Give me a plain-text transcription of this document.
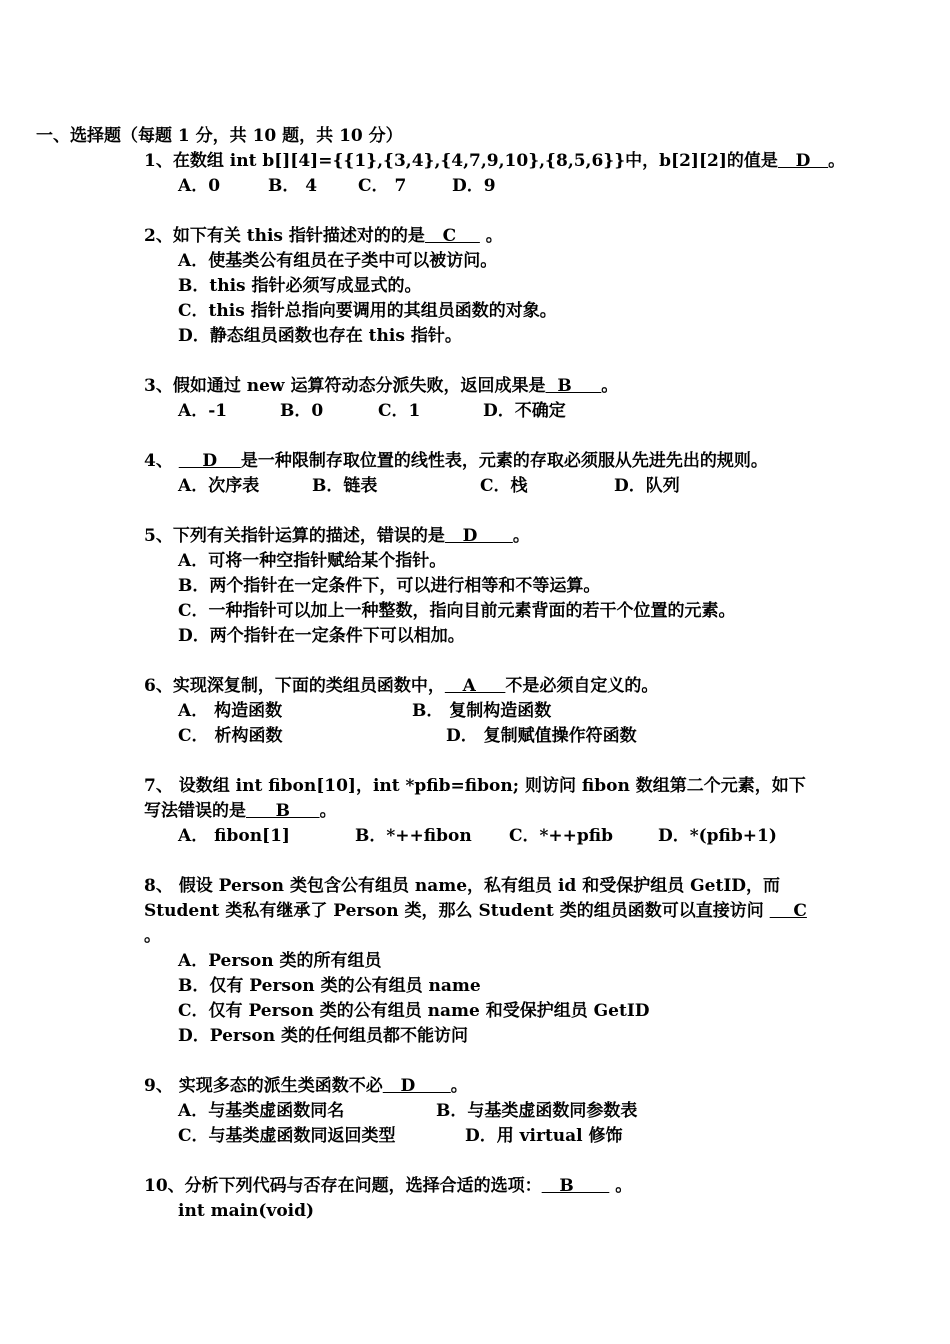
一、选择题（每题 1 分，共 10 题，共 10 分）
1、在数组 int b[][4]={{1},{3,4},{4,7,9,10},{8,5,6}}中，b[2][2]的值是   D   。
A．0	B． 4 C． 7	D．9
2、如下有关 this 指针描述对的的是   C     。
A．使基类公有组员在子类中可以被访问。
B．this 指针必须写成显式的。
C．this 指针总指向要调用的其组员函数的对象。
D．静态组员函数也存在 this 指针。
3、假如通过 new 运算符动态分派失败，返回成果是  B     。
A．-1	B．0	C．1	D．不确定
4、     D    是一种限制存取位置的线性表，元素的存取必须服从先进先出的规则。
A．次序表	B．链表	C．栈	D．队列
5、下列有关指针运算的描述，错误的是   D      。
A．可将一种空指针赋给某个指针。
B．两个指针在一定条件下，可以进行相等和不等运算。
C．一种指针可以加上一种整数，指向目前元素背面的若干个位置的元素。
D．两个指针在一定条件下可以相加。
6、实现深复制，下面的类组员函数中，   A     不是必须自定义的。
A． 构造函数	B． 复制构造函数
C． 析构函数	D． 复制赋值操作符函数
7、 设数组 int fibon[10]，int *pfib=fibon; 则访问 fibon 数组第二个元素，如下
写法错误的是     B     。
A． fibon[1]	B．*++fibon C．*++pfib	D．*(pfib+1)
8、 假设 Person 类包含公有组员 name，私有组员 id 和受保护组员 GetID，而
Student 类私有继承了 Person 类，那么 Student 类的组员函数可以直接访问     C
。
A．Person 类的所有组员
B．仅有 Person 类的公有组员 name
C．仅有 Person 类的公有组员 name 和受保护组员 GetID
D．Person 类的任何组员都不能访问
9、 实现多态的派生类函数不必   D      。
A．与基类虚函数同名	B．与基类虚函数同参数表
C．与基类虚函数同返回类型	D．用 virtual 修饰
10、分析下列代码与否存在问题，选择合适的选项：   B       。
int main(void)
